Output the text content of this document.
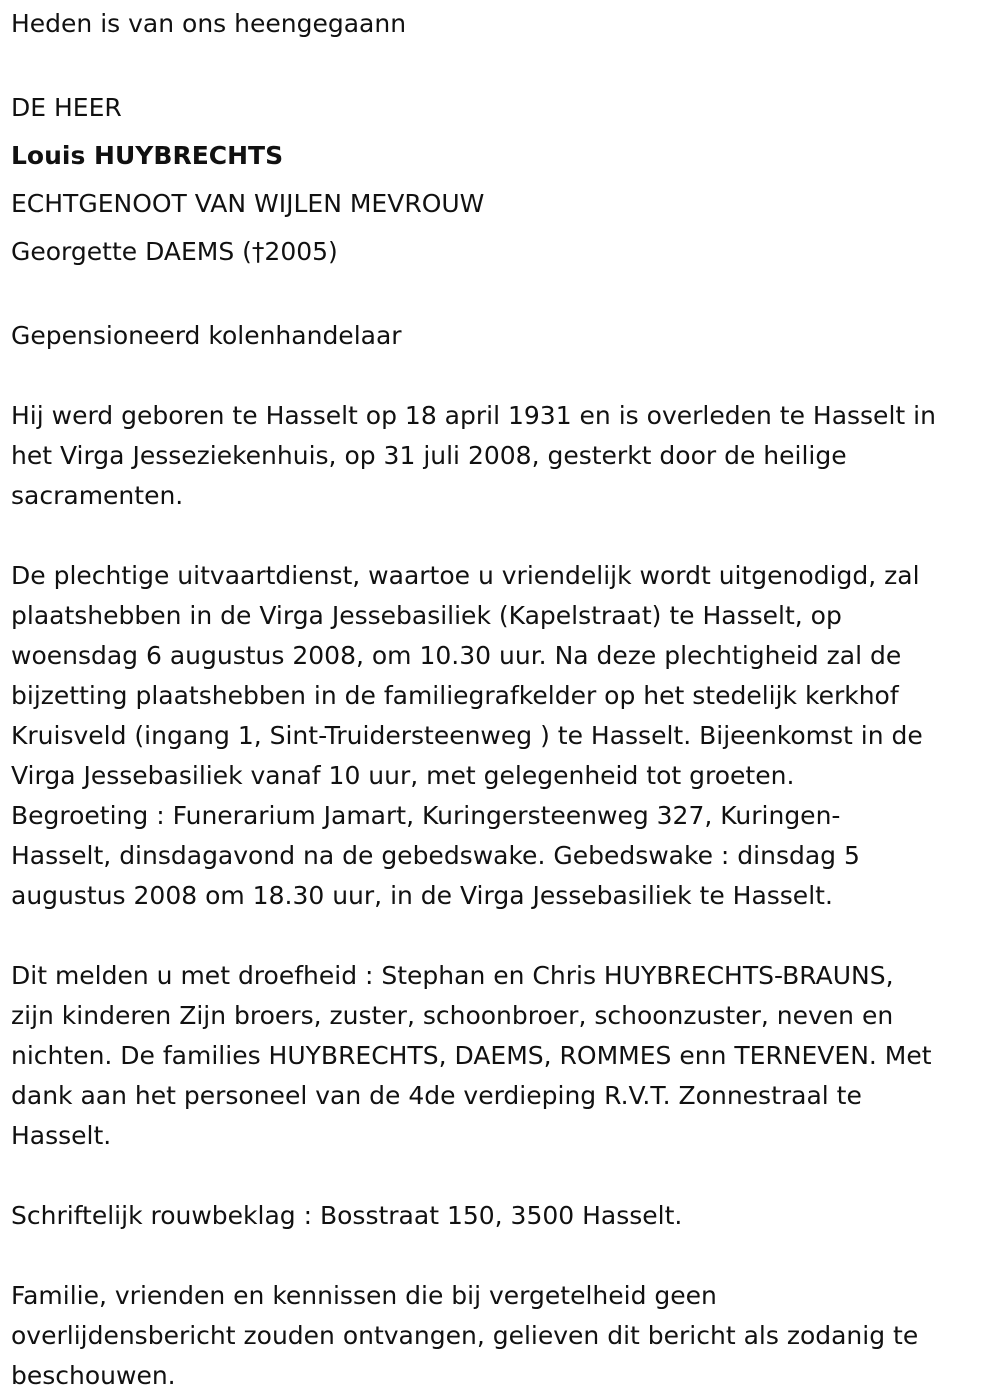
Heden is van ons heengegaann

DE HEER

Louis HUYBRECHTS

ECHTGENOOT VAN WIJLEN MEVROUW

Georgette DAEMS (†2005)

Gepensioneerd kolenhandelaar

Hij werd geboren te Hasselt op 18 april 1931 en is overleden te Hasselt in

het Virga Jesseziekenhuis, op 31 juli 2008, gesterkt door de heilige

sacramenten.

De plechtige uitvaartdienst, waartoe u vriendelijk wordt uitgenodigd, zal

plaatshebben in de Virga Jessebasiliek (Kapelstraat) te Hasselt, op

woensdag 6 augustus 2008, om 10.30 uur. Na deze plechtigheid zal de

bijzetting plaatshebben in de familiegrafkelder op het stedelijk kerkhof

Kruisveld (ingang 1, Sint-Truidersteenweg ) te Hasselt. Bijeenkomst in de

Virga Jessebasiliek vanaf 10 uur, met gelegenheid tot groeten.

Begroeting : Funerarium Jamart, Kuringersteenweg 327, Kuringen-

Hasselt, dinsdagavond na de gebedswake. Gebedswake : dinsdag 5

augustus 2008 om 18.30 uur, in de Virga Jessebasiliek te Hasselt.

Dit melden u met droefheid : Stephan en Chris HUYBRECHTS-BRAUNS,

zijn kinderen Zijn broers, zuster, schoonbroer, schoonzuster, neven en

nichten. De families HUYBRECHTS, DAEMS, ROMMES enn TERNEVEN. Met

dank aan het personeel van de 4de verdieping R.V.T. Zonnestraal te

Hasselt.

Schriftelijk rouwbeklag : Bosstraat 150, 3500 Hasselt.

Familie, vrienden en kennissen die bij vergetelheid geen

overlijdensbericht zouden ontvangen, gelieven dit bericht als zodanig te

beschouwen.
